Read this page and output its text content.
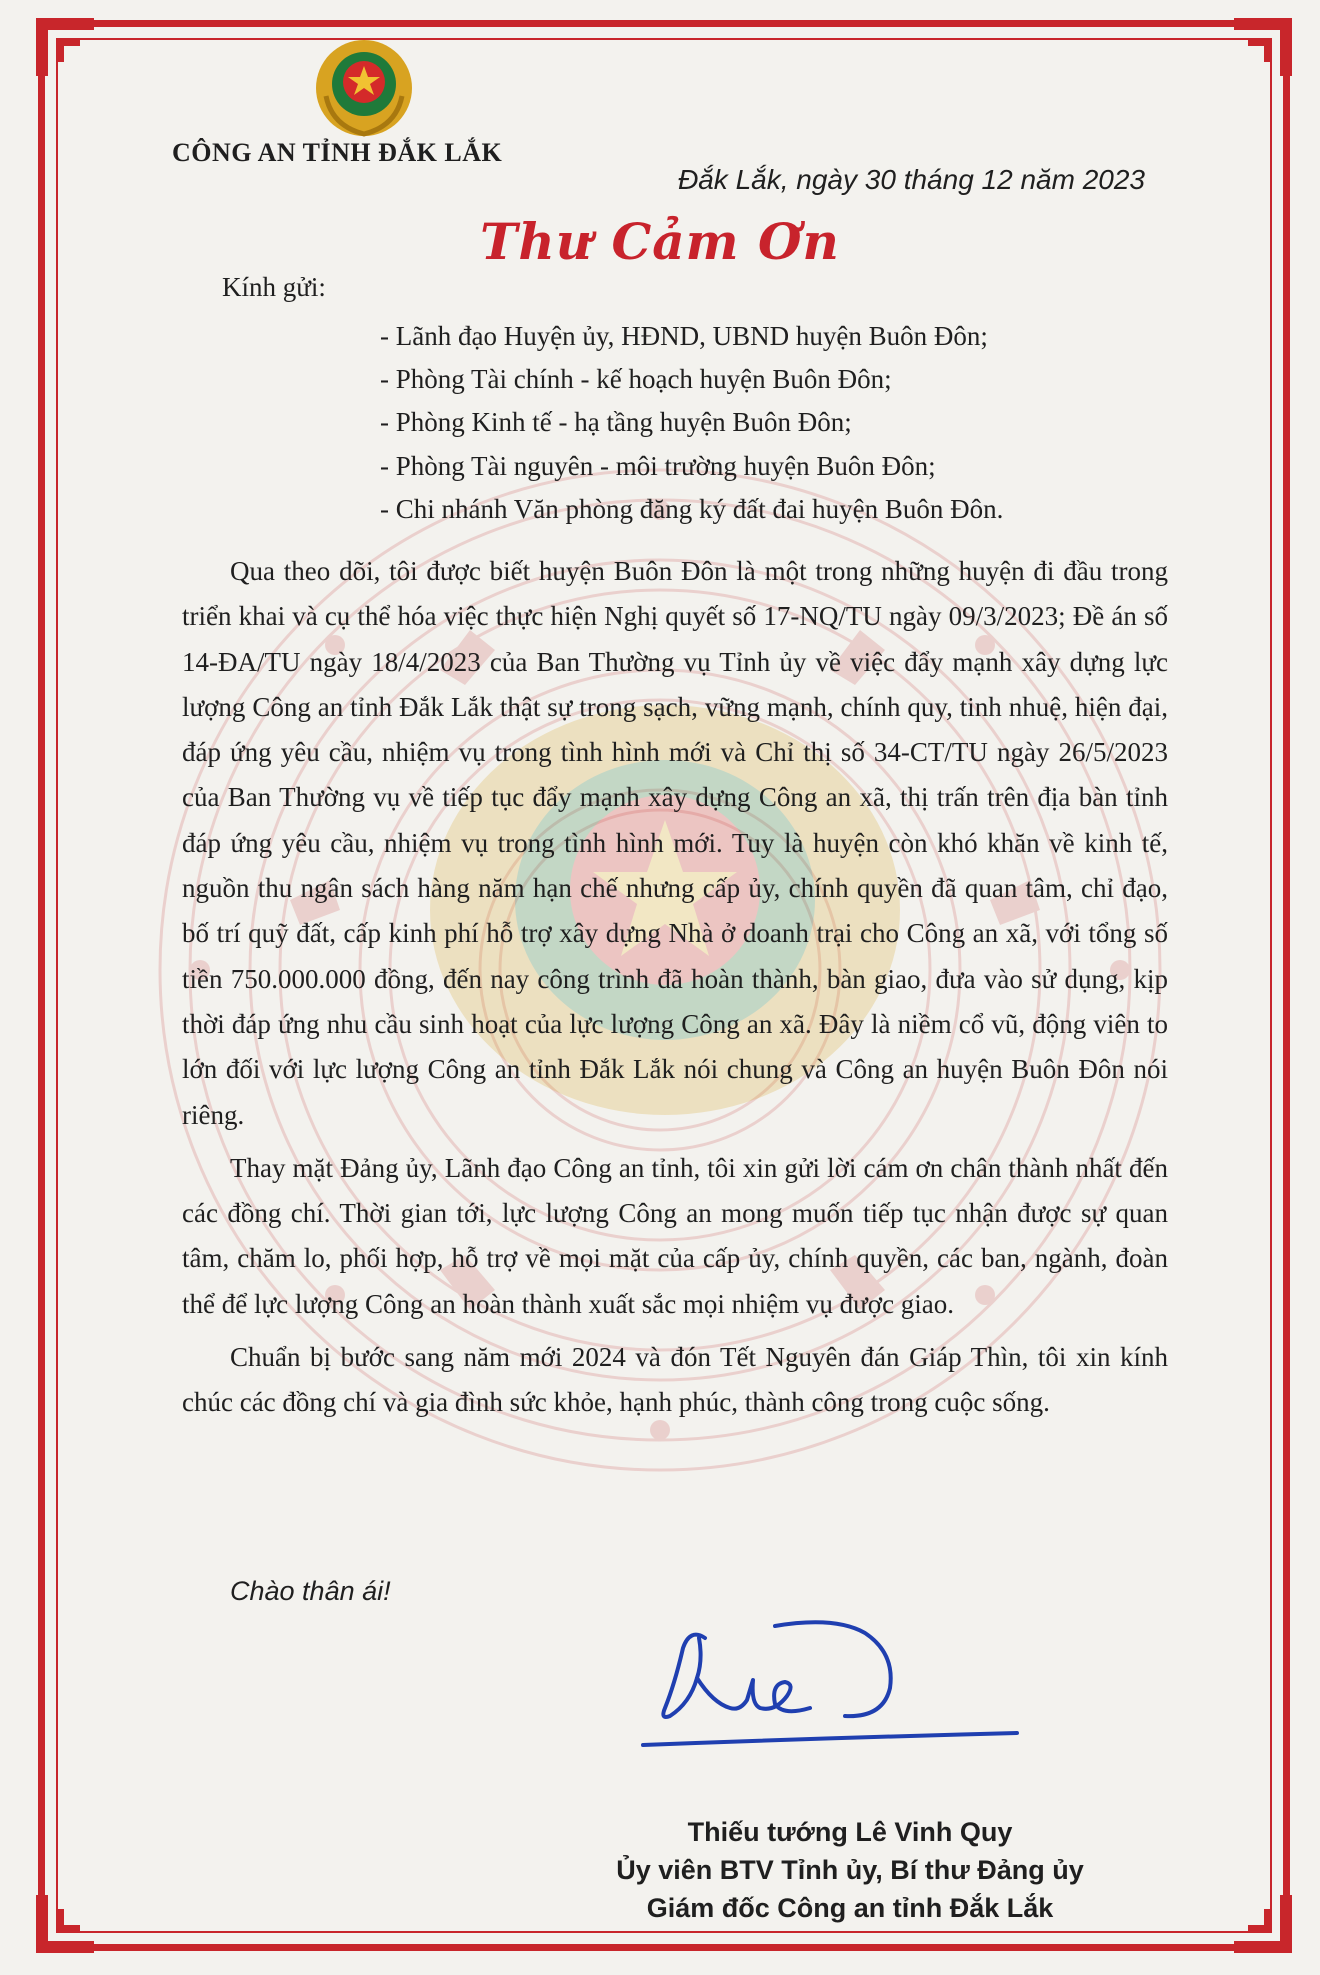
CÔNG AN TỈNH ĐẮK LẮK
Đắk Lắk, ngày 30 tháng 12 năm 2023
Thư Cảm Ơn
Kính gửi:
- Lãnh đạo Huyện ủy, HĐND, UBND huyện Buôn Đôn;
- Phòng Tài chính - kế hoạch huyện Buôn Đôn;
- Phòng Kinh tế - hạ tầng huyện Buôn Đôn;
- Phòng Tài nguyên - môi trường huyện Buôn Đôn;
- Chi nhánh Văn phòng đăng ký đất đai huyện Buôn Đôn.

Qua theo dõi, tôi được biết huyện Buôn Đôn là một trong những huyện đi đầu trong triển khai và cụ thể hóa việc thực hiện Nghị quyết số 17-NQ/TU ngày 09/3/2023; Đề án số 14-ĐA/TU ngày 18/4/2023 của Ban Thường vụ Tỉnh ủy về việc đẩy mạnh xây dựng lực lượng Công an tỉnh Đắk Lắk thật sự trong sạch, vững mạnh, chính quy, tinh nhuệ, hiện đại, đáp ứng yêu cầu, nhiệm vụ trong tình hình mới và Chỉ thị số 34-CT/TU ngày 26/5/2023 của Ban Thường vụ về tiếp tục đẩy mạnh xây dựng Công an xã, thị trấn trên địa bàn tỉnh đáp ứng yêu cầu, nhiệm vụ trong tình hình mới. Tuy là huyện còn khó khăn về kinh tế, nguồn thu ngân sách hàng năm hạn chế nhưng cấp ủy, chính quyền đã quan tâm, chỉ đạo, bố trí quỹ đất, cấp kinh phí hỗ trợ xây dựng Nhà ở doanh trại cho Công an xã, với tổng số tiền 750.000.000 đồng, đến nay công trình đã hoàn thành, bàn giao, đưa vào sử dụng, kịp thời đáp ứng nhu cầu sinh hoạt của lực lượng Công an xã. Đây là niềm cổ vũ, động viên to lớn đối với lực lượng Công an tỉnh Đắk Lắk nói chung và Công an huyện Buôn Đôn nói riêng.

Thay mặt Đảng ủy, Lãnh đạo Công an tỉnh, tôi xin gửi lời cám ơn chân thành nhất đến các đồng chí. Thời gian tới, lực lượng Công an mong muốn tiếp tục nhận được sự quan tâm, chăm lo, phối hợp, hỗ trợ về mọi mặt của cấp ủy, chính quyền, các ban, ngành, đoàn thể để lực lượng Công an hoàn thành xuất sắc mọi nhiệm vụ được giao.

Chuẩn bị bước sang năm mới 2024 và đón Tết Nguyên đán Giáp Thìn, tôi xin kính chúc các đồng chí và gia đình sức khỏe, hạnh phúc, thành công trong cuộc sống.

Chào thân ái!
Thiếu tướng Lê Vinh Quy
Ủy viên BTV Tỉnh ủy, Bí thư Đảng ủy
Giám đốc Công an tỉnh Đắk Lắk
